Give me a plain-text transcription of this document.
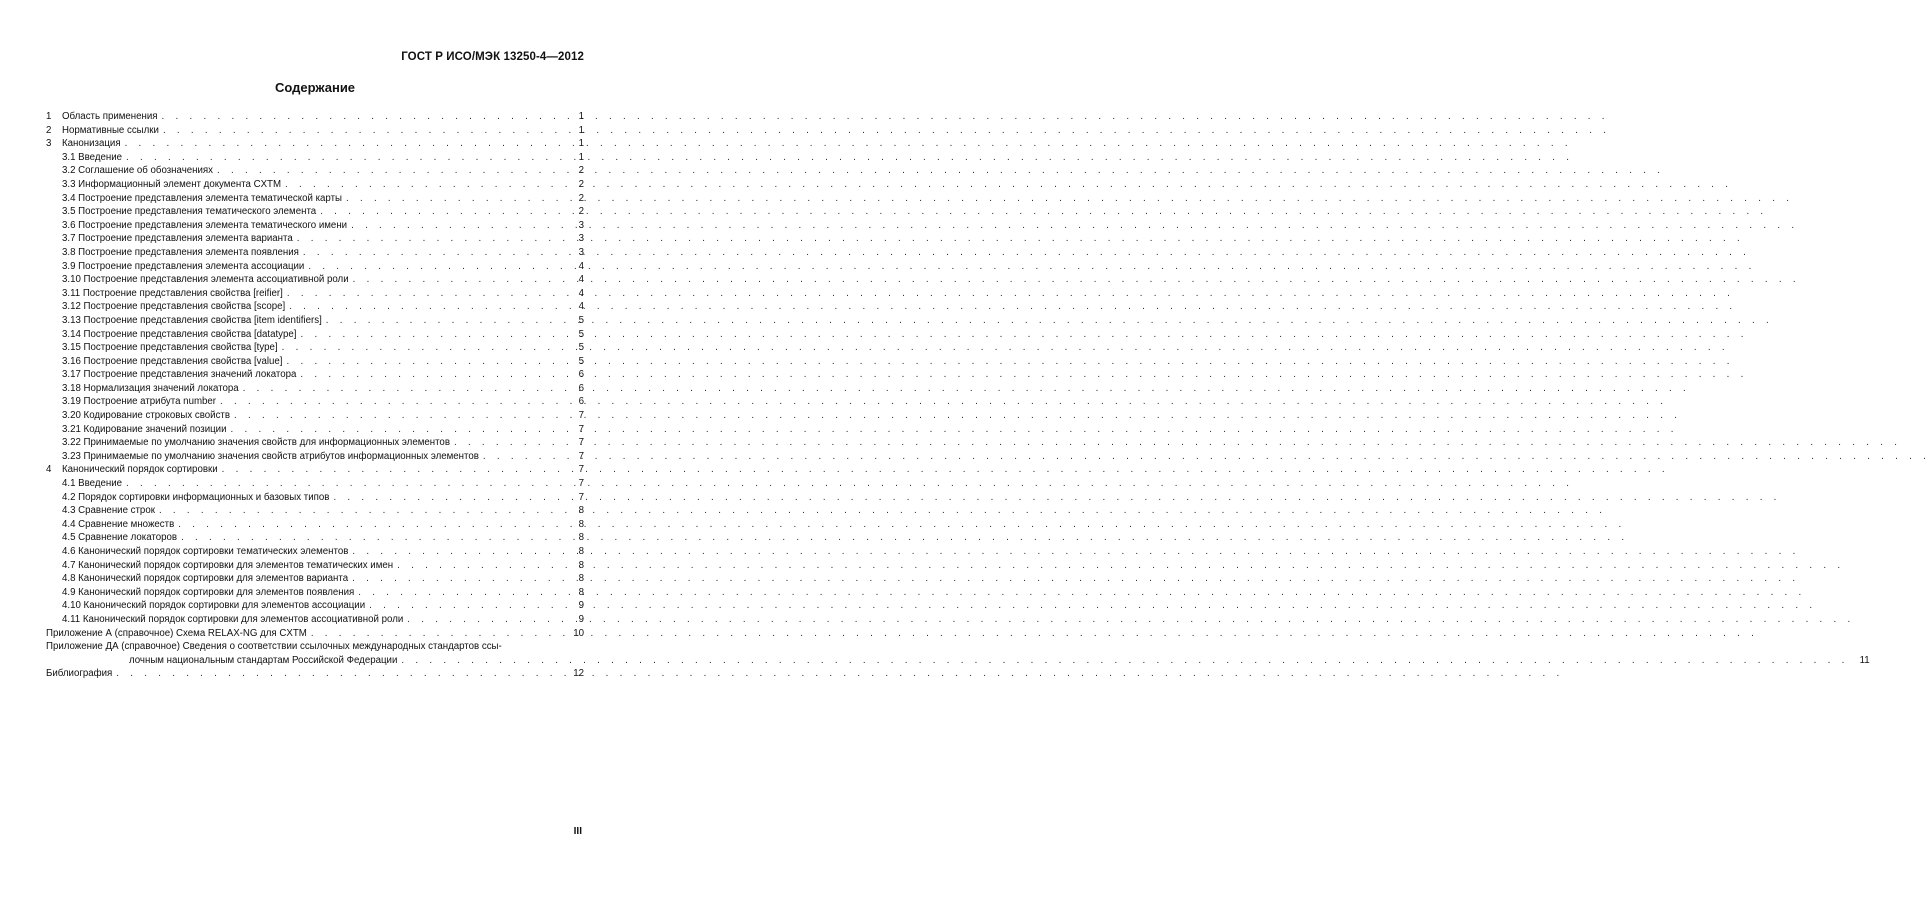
ГОСТ Р ИСО/МЭК 13250-4—2012
Содержание
1	Область применения . . .	1
2	Нормативные ссылки . . .	1
3	Канонизация . . .	1
3.1 Введение . . .	1
3.2 Соглашение об обозначениях . . .	2
3.3 Информационный элемент документа CXTM . . .	2
3.4 Построение представления элемента тематической карты . . .	2
3.5 Построение представления тематического элемента . . .	2
3.6 Построение представления элемента тематического имени . . .	3
3.7 Построение представления элемента варианта . . .	3
3.8 Построение представления элемента появления . . .	3
3.9 Построение представления элемента ассоциации . . .	4
3.10 Построение представления элемента ассоциативной роли . . .	4
3.11 Построение представления свойства [reifier] . . .	4
3.12 Построение представления свойства [scope] . . .	4
3.13 Построение представления свойства [item identifiers] . . .	5
3.14 Построение представления свойства [datatype] . . .	5
3.15 Построение представления свойства [type] . . .	5
3.16 Построение представления свойства [value] . . .	5
3.17 Построение представления значений локатора . . .	6
3.18 Нормализация значений локатора . . .	6
3.19 Построение атрибута number . . .	6
3.20 Кодирование строковых свойств . . .	7
3.21 Кодирование значений позиции . . .	7
3.22 Принимаемые по умолчанию значения свойств для информационных элементов . . .	7
3.23 Принимаемые по умолчанию значения свойств атрибутов информационных элементов . . .	7
4	Канонический порядок сортировки . . .	7
4.1 Введение . . .	7
4.2 Порядок сортировки информационных и базовых типов . . .	7
4.3 Сравнение строк . . .	8
4.4 Сравнение множеств . . .	8
4.5 Сравнение локаторов . . .	8
4.6 Канонический порядок сортировки тематических элементов . . .	8
4.7 Канонический порядок сортировки для элементов тематических имен . . .	8
4.8 Канонический порядок сортировки для элементов варианта . . .	8
4.9 Канонический порядок сортировки для элементов появления . . .	8
4.10 Канонический порядок сортировки для элементов ассоциации . . .	9
4.11 Канонический порядок сортировки для элементов ассоциативной роли . . .	9
Приложение А (справочное) Схема RELAX-NG для CXTM . . .	10
Приложение ДА (справочное) Сведения о соответствии ссылочных международных стандартов ссы-
лочным национальным стандартам Российской Федерации . . .	11
Библиография . . .	12
III
